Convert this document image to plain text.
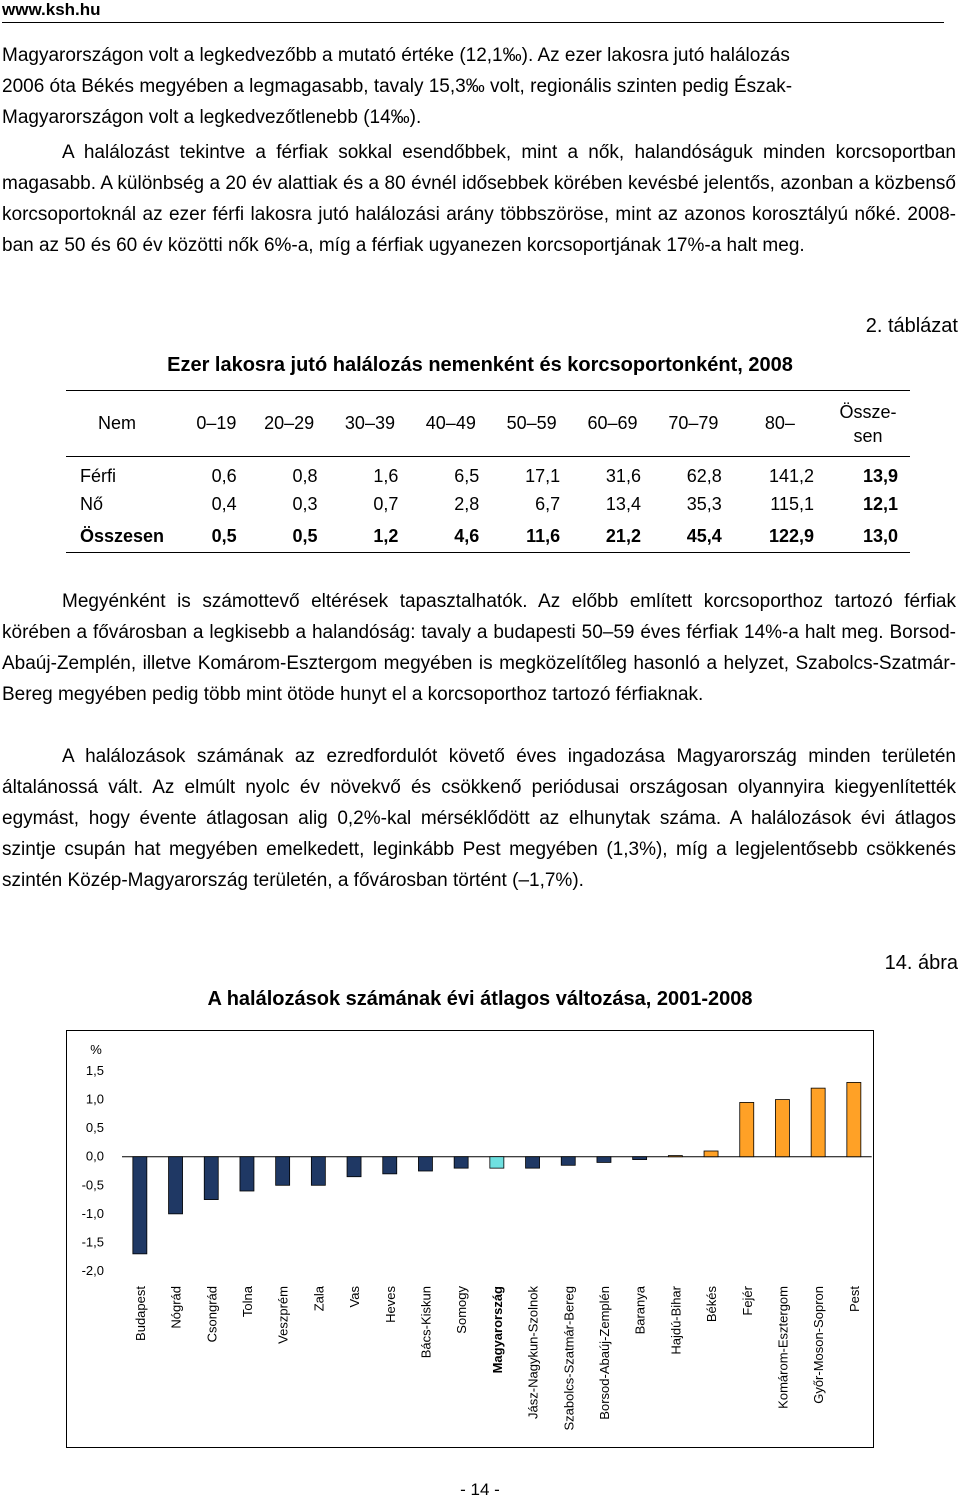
www.ksh.hu
Magyarországon volt a legkedvezőbb a mutató értéke (12,1‰). Az ezer lakosra jutó halálozás
2006 óta Békés megyében a legmagasabb, tavaly 15,3‰ volt, regionális szinten pedig Észak-
Magyarországon volt a legkedvezőtlenebb (14‰).
A halálozást tekintve a férfiak sokkal esendőbbek, mint a nők, halandóságuk minden korcsoportban magasabb. A különbség a 20 év alattiak és a 80 évnél idősebbek körében kevésbé jelentős, azonban a közbenső korcsoportoknál az ezer férfi lakosra jutó halálozási arány többszöröse, mint az azonos korosztályú nőké. 2008-ban az 50 és 60 év közötti nők 6%-a, míg a férfiak ugyanezen korcsoportjának 17%-a halt meg.
2. táblázat
Ezer lakosra jutó halálozás nemenként és korcsoportonként, 2008
Nem	0–19	20–29	30–39	40–49	50–59	60–69	70–79	80–	Össze-
sen

Férfi	0,6	0,8	1,6	6,5	17,1	31,6	62,8	141,2	13,9
Nő	0,4	0,3	0,7	2,8	6,7	13,4	35,3	115,1	12,1
Összesen	0,5	0,5	1,2	4,6	11,6	21,2	45,4	122,9	13,0
Megyénként is számottevő eltérések tapasztalhatók. Az előbb említett korcsoporthoz tartozó férfiak körében a fővárosban a legkisebb a halandóság: tavaly a budapesti 50–59 éves férfiak 14%-a halt meg. Borsod-Abaúj-Zemplén, illetve Komárom-Esztergom megyében is megközelítőleg hasonló a helyzet, Szabolcs-Szatmár-Bereg megyében pedig több mint ötöde hunyt el a korcsoporthoz tartozó férfiaknak.
A halálozások számának az ezredfordulót követő éves ingadozása Magyarország minden területén általánossá vált. Az elmúlt nyolc év növekvő és csökkenő periódusai országosan olyannyira kiegyenlítették egymást, hogy évente átlagosan alig 0,2%-kal mérséklődött az elhunytak száma. A halálozások évi átlagos szintje csupán hat megyében emelkedett, leginkább Pest megyében (1,3%), míg a legjelentősebb csökkenés szintén Közép-Magyarország területén, a fővárosban történt (–1,7%).
14. ábra
A halálozások számának évi átlagos változása, 2001-2008
%
1,5
1,0
0,5
0,0
-0,5
-1,0
-1,5
-2,0
Budapest Nógrád Csongrád Tolna Veszprém Zala Vas Heves Bács-Kiskun Somogy Magyarország Jász-Nagykun-Szolnok Szabolcs-Szatmár-Bereg Borsod-Abaúj-Zemplén Baranya Hajdú-Bihar Békés Fejér Komárom-Esztergom Győr-Moson-Sopron Pest
- 14 -
